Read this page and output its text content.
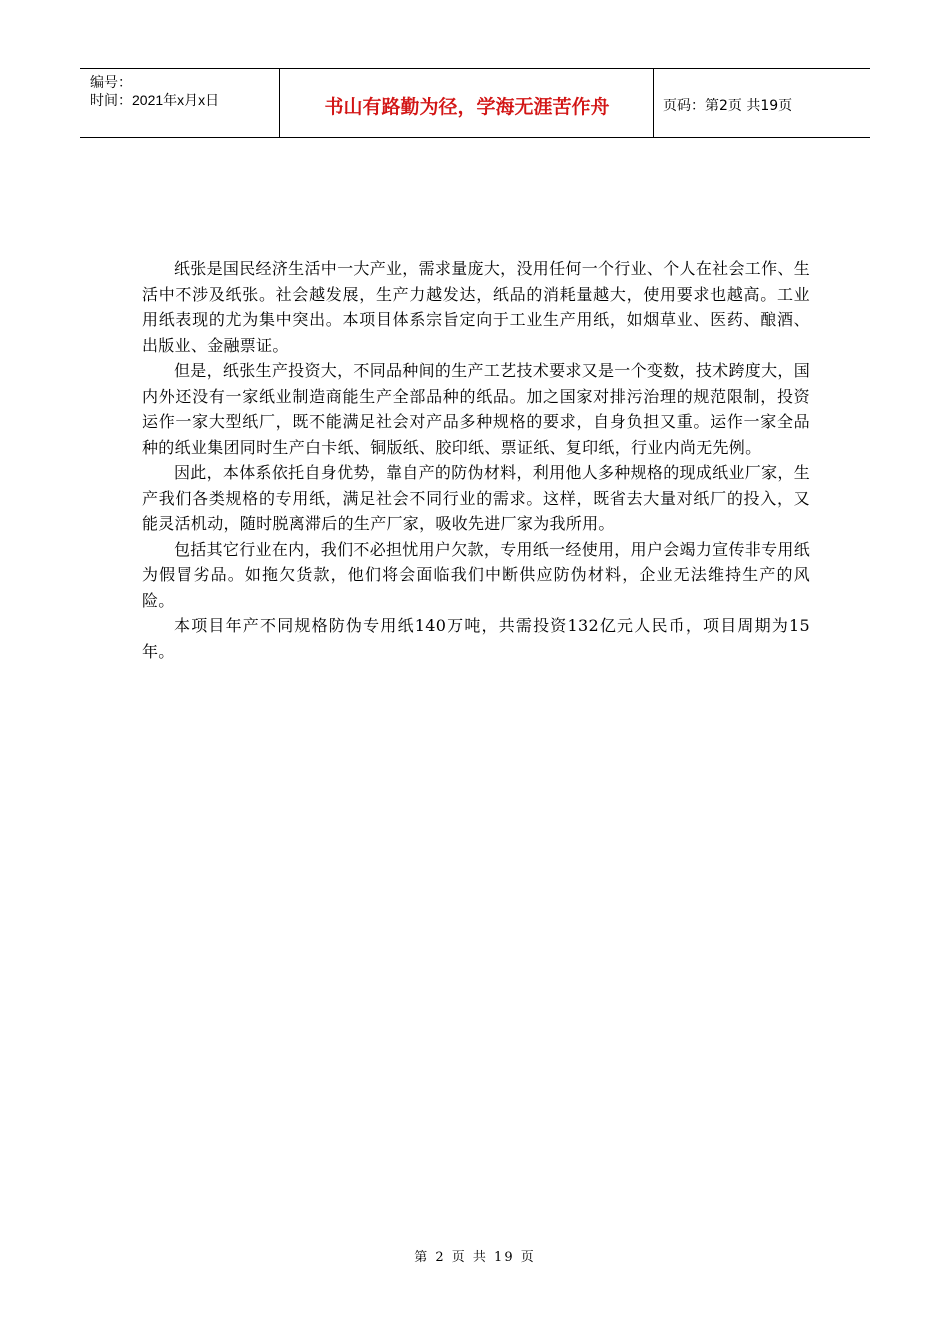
编号：
时间：2021年x月x日	书山有路勤为径，学海无涯苦作舟	页码：第2页 共19页

纸张是国民经济生活中一大产业，需求量庞大，没用任何一个行业、个人在社会工作、生活中不涉及纸张。社会越发展，生产力越发达，纸品的消耗量越大，使用要求也越高。工业用纸表现的尤为集中突出。本项目体系宗旨定向于工业生产用纸，如烟草业、医药、酿酒、出版业、金融票证。

但是，纸张生产投资大，不同品种间的生产工艺技术要求又是一个变数，技术跨度大，国内外还没有一家纸业制造商能生产全部品种的纸品。加之国家对排污治理的规范限制，投资运作一家大型纸厂，既不能满足社会对产品多种规格的要求，自身负担又重。运作一家全品种的纸业集团同时生产白卡纸、铜版纸、胶印纸、票证纸、复印纸，行业内尚无先例。

因此，本体系依托自身优势，靠自产的防伪材料，利用他人多种规格的现成纸业厂家，生产我们各类规格的专用纸，满足社会不同行业的需求。这样，既省去大量对纸厂的投入，又能灵活机动，随时脱离滞后的生产厂家，吸收先进厂家为我所用。

包括其它行业在内，我们不必担忧用户欠款，专用纸一经使用，用户会竭力宣传非专用纸为假冒劣品。如拖欠货款，他们将会面临我们中断供应防伪材料，企业无法维持生产的风险。

本项目年产不同规格防伪专用纸140万吨，共需投资132亿元人民币，项目周期为15年。

第 2 页 共 19 页
